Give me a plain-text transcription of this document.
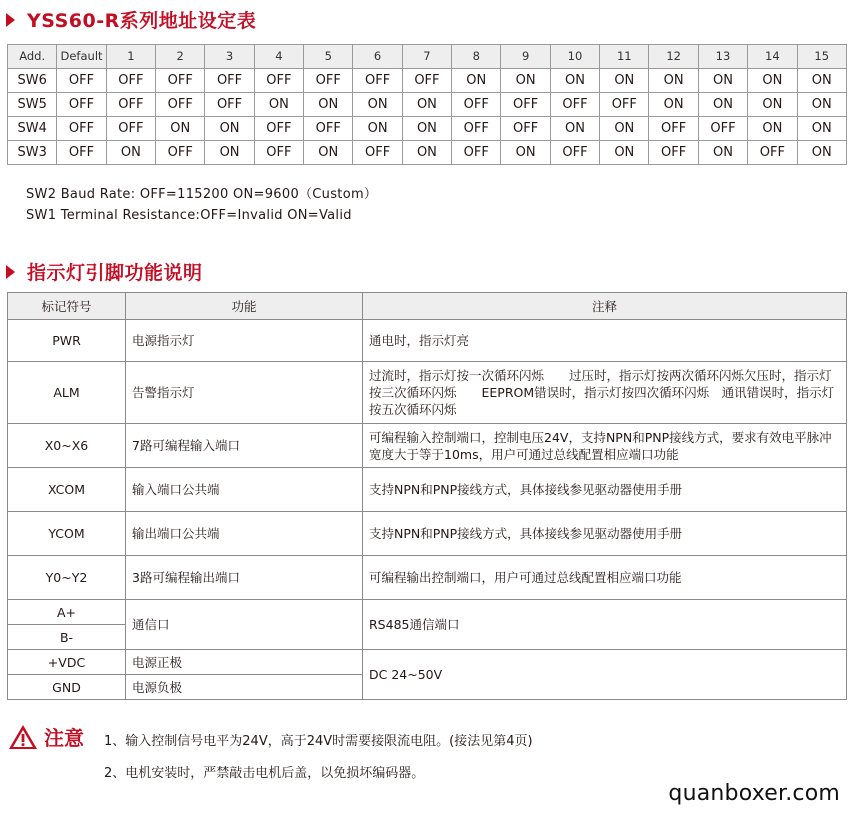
YSS60-R系列地址设定表
Add.	Default	1	2	3	4	5	6	7	8	9	10	11	12	13	14	15
SW6	OFF	OFF	OFF	OFF	OFF	OFF	OFF	OFF	ON	ON	ON	ON	ON	ON	ON	ON
SW5	OFF	OFF	OFF	OFF	ON	ON	ON	ON	OFF	OFF	OFF	OFF	ON	ON	ON	ON
SW4	OFF	OFF	ON	ON	OFF	OFF	ON	ON	OFF	OFF	ON	ON	OFF	OFF	ON	ON
SW3	OFF	ON	OFF	ON	OFF	ON	OFF	ON	OFF	ON	OFF	ON	OFF	ON	OFF	ON
SW2 Baud Rate: OFF=115200 ON=9600（Custom）
SW1 Terminal Resistance:OFF=Invalid ON=Valid
指示灯引脚功能说明
标记符号	功能	注释
PWR	电源指示灯	通电时，指示灯亮
ALM	告警指示灯	过流时，指示灯按一次循环闪烁　　过压时，指示灯按两次循环闪烁欠压时，指示灯按三次循环闪烁　　EEPROM错误时，指示灯按四次循环闪烁　通讯错误时，指示灯按五次循环闪烁
X0~X6	7路可编程输入端口	可编程输入控制端口，控制电压24V，支持NPN和PNP接线方式，要求有效电平脉冲宽度大于等于10ms，用户可通过总线配置相应端口功能
XCOM	输入端口公共端	支持NPN和PNP接线方式，具体接线参见驱动器使用手册
YCOM	输出端口公共端	支持NPN和PNP接线方式，具体接线参见驱动器使用手册
Y0~Y2	3路可编程输出端口	可编程输出控制端口，用户可通过总线配置相应端口功能
A+	通信口	RS485通信端口
B-		
+VDC	电源正极	DC 24~50V
GND	电源负极	
注意 1、输入控制信号电平为24V，高于24V时需要接限流电阻。(接法见第4页)
2、电机安装时，严禁敲击电机后盖，以免损坏编码器。
quanboxer.com
